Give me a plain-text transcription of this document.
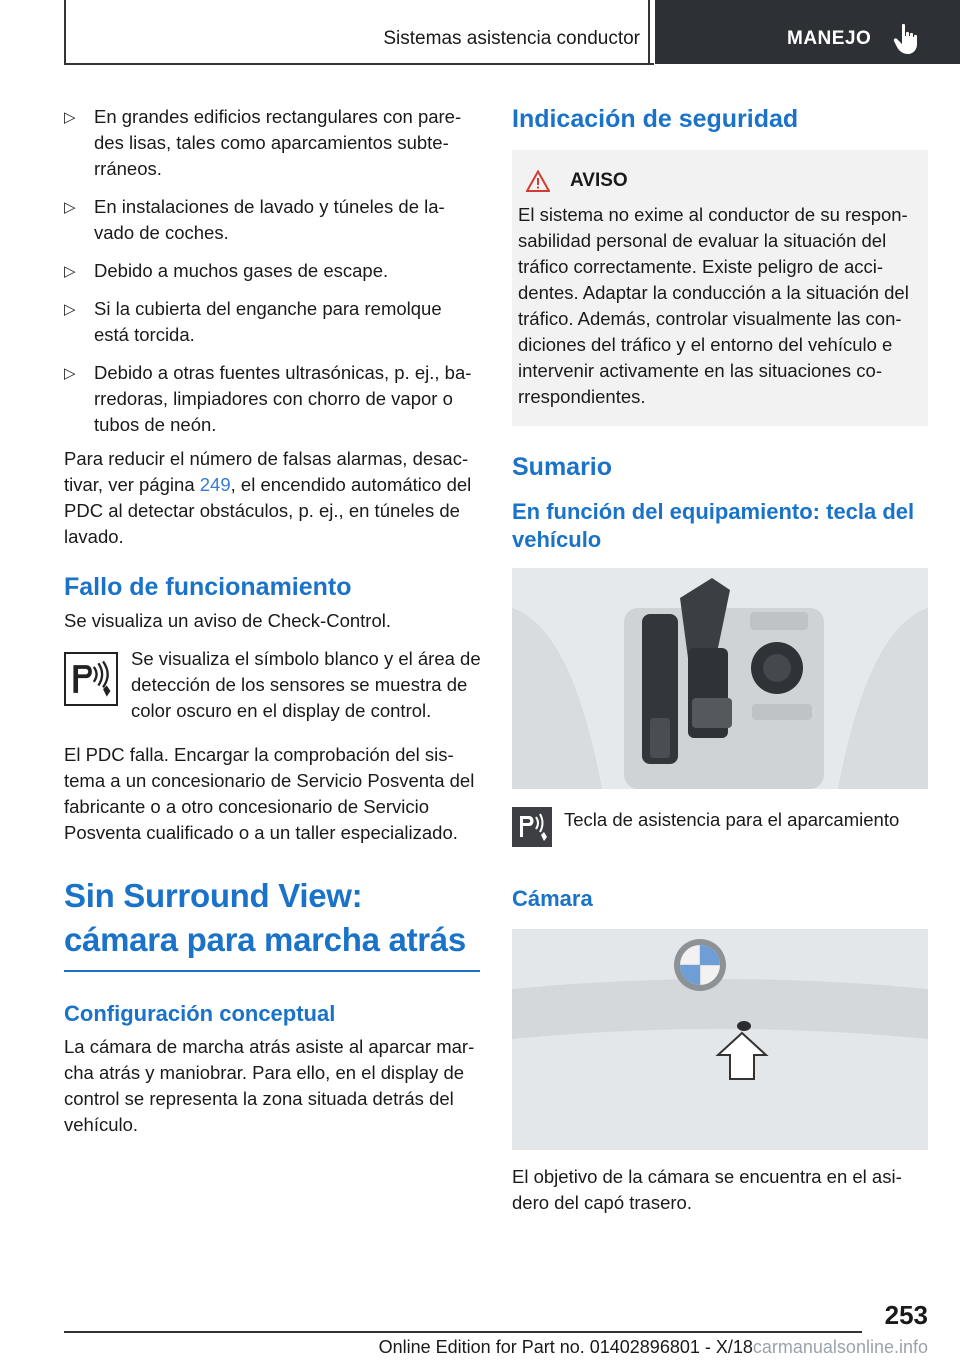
Sistemas asistencia conductor	MANEJO
▷ En grandes edificios rectangulares con pare-des lisas, tales como aparcamientos subte-rráneos.
▷ En instalaciones de lavado y túneles de la-vado de coches.
▷ Debido a muchos gases de escape.
▷ Si la cubierta del enganche para remolque está torcida.
▷ Debido a otras fuentes ultrasónicas, p. ej., ba-rredoras, limpiadores con chorro de vapor o tubos de neón.

Para reducir el número de falsas alarmas, desac-tivar, ver página 249, el encendido automático del PDC al detectar obstáculos, p. ej., en túneles de lavado.

Fallo de funcionamiento

Se visualiza un aviso de Check-Control.

Se visualiza el símbolo blanco y el área de detección de los sensores se muestra de color oscuro en el display de control.

El PDC falla. Encargar la comprobación del sis-tema a un concesionario de Servicio Posventa del fabricante o a otro concesionario de Servicio Posventa cualificado o a un taller especializado.

Sin Surround View: cámara para marcha atrás
Configuración conceptual

La cámara de marcha atrás asiste al aparcar mar-cha atrás y maniobrar. Para ello, en el display de control se representa la zona situada detrás del vehículo.

Indicación de seguridad
AVISO

El sistema no exime al conductor de su respon-sabilidad personal de evaluar la situación del tráfico correctamente. Existe peligro de acci-dentes. Adaptar la conducción a la situación del tráfico. Además, controlar visualmente las con-diciones del tráfico y el entorno del vehículo e intervenir activamente en las situaciones co-rrespondientes.

Sumario
En función del equipamiento: tecla del vehículo
Tecla de asistencia para el aparcamiento
Cámara

El objetivo de la cámara se encuentra en el asi-dero del capó trasero.

253
Online Edition for Part no. 01402896801 - X/18carmanualsonline.info
